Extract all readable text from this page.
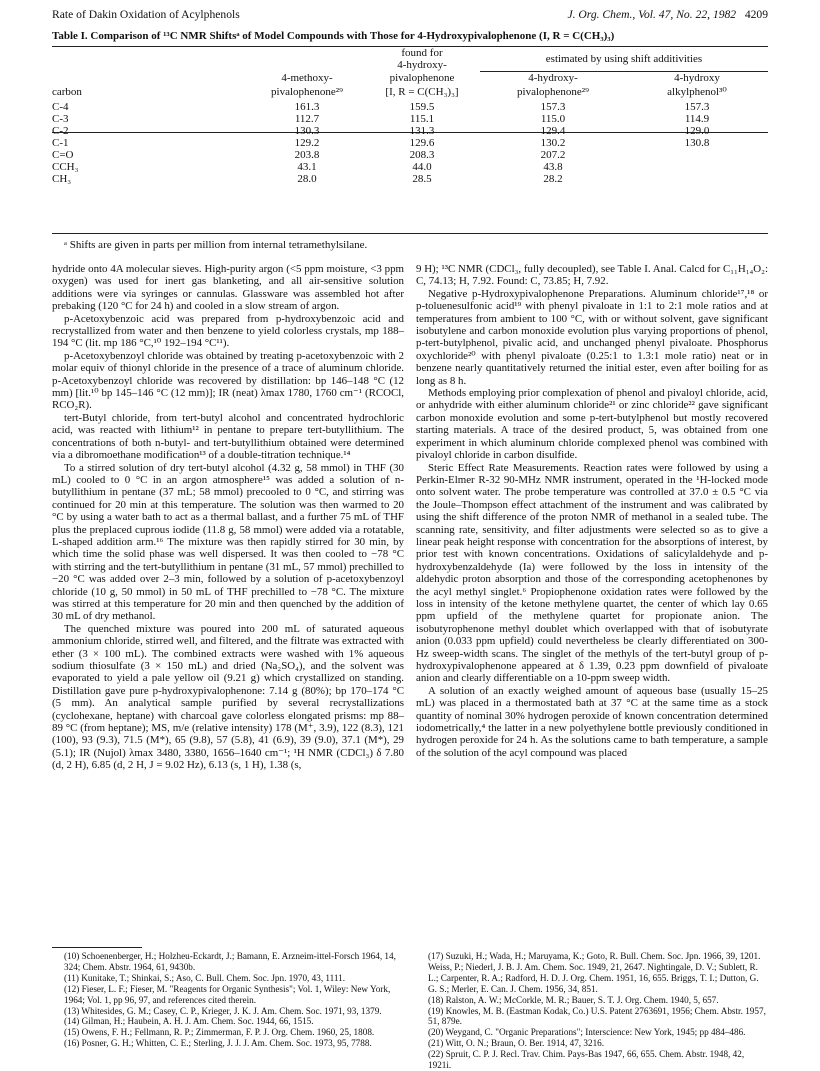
Rate of Dakin Oxidation of Acylphenols	J. Org. Chem., Vol. 47, No. 22, 1982 4209
Table I. Comparison of ¹³C NMR Shiftsᵃ of Model Compounds with Those for 4-Hydroxypivalophenone (I, R = C(CH₃)₃)
		found for	estimated by using shift additivities	
		4-hydroxy-		
	4-methoxy-	pivalophenone	4-hydroxy-	4-hydroxy
carbon	pivalophenone²⁹	[I, R = C(CH₃)₃]	pivalophenone²⁹	alkylphenol³⁰
C-4	161.3	159.5	157.3	157.3
C-3	112.7	115.1	115.0	114.9
C-2	130.3	131.3	129.4	129.0
C-1	129.2	129.6	130.2	130.8
C=O	203.8	208.3	207.2	
CCH₃	43.1	44.0	43.8	
CH₃	28.0	28.5	28.2	
ᵃ Shifts are given in parts per million from internal tetramethylsilane.

hydride onto 4A molecular sieves. High-purity argon (<5 ppm moisture, <3 ppm oxygen) was used for inert gas blanketing, and all air-sensitive solution additions were via syringes or cannulas. Glassware was assembled hot after prebaking (120 °C for 24 h) and cooled in a slow stream of argon.

p-Acetoxybenzoic acid was prepared from p-hydroxybenzoic acid and recrystallized from water and then benzene to yield colorless crystals, mp 188–194 °C (lit. mp 186 °C,¹⁰ 192–194 °C¹¹).

p-Acetoxybenzoyl chloride was obtained by treating p-acetoxybenzoic with 2 molar equiv of thionyl chloride in the presence of a trace of aluminum chloride. p-Acetoxybenzoyl chloride was recovered by distillation: bp 146–148 °C (12 mm) [lit.¹⁰ bp 145–146 °C (12 mm)]; IR (neat) λmax 1780, 1760 cm⁻¹ (RCOCl, RCO₂R).

tert-Butyl chloride, from tert-butyl alcohol and concentrated hydrochloric acid, was reacted with lithium¹² in pentane to prepare tert-butyllithium. The concentrations of both n-butyl- and tert-butyllithium obtained were determined via a dibromoethane modification¹³ of a double-titration technique.¹⁴

To a stirred solution of dry tert-butyl alcohol (4.32 g, 58 mmol) in THF (30 mL) cooled to 0 °C in an argon atmosphere¹⁵ was added a solution of n-butyllithium in pentane (37 mL; 58 mmol) precooled to 0 °C, and stirring was continued for 20 min at this temperature. The solution was then warmed to 20 °C by using a water bath to act as a thermal ballast, and a further 75 mL of THF plus the preplaced cuprous iodide (11.8 g, 58 mmol) were added via a rotatable, L-shaped addition arm.¹⁶ The mixture was then rapidly stirred for 30 min, by which time the solid phase was well dispersed. It was then cooled to −78 °C with stirring and the tert-butyllithium in pentane (31 mL, 57 mmol) prechilled to −20 °C was added over 2–3 min, followed by a solution of p-acetoxybenzoyl chloride (10 g, 50 mmol) in 50 mL of THF prechilled to −78 °C. The mixture was stirred at this temperature for 20 min and then quenched by the addition of 30 mL of dry methanol.

The quenched mixture was poured into 200 mL of saturated aqueous ammonium chloride, stirred well, and filtered, and the filtrate was extracted with ether (3 × 100 mL). The combined extracts were washed with 1% aqueous sodium thiosulfate (3 × 150 mL) and dried (Na₂SO₄), and the solvent was evaporated to yield a pale yellow oil (9.21 g) which crystallized on standing. Distillation gave pure p-hydroxypivalophenone: 7.14 g (80%); bp 170–174 °C (5 mm). An analytical sample purified by several recrystallizations (cyclohexane, heptane) with charcoal gave colorless elongated prisms: mp 88–89 °C (from heptane); MS, m/e (relative intensity) 178 (M⁺, 3.9), 122 (8.3), 121 (100), 93 (9.3), 71.5 (M*), 65 (9.8), 57 (5.8), 41 (6.9), 39 (9.0), 37.1 (M*), 29 (5.1); IR (Nujol) λmax 3480, 3380, 1656–1640 cm⁻¹; ¹H NMR (CDCl₃) δ 7.80 (d, 2 H), 6.85 (d, 2 H, J = 9.02 Hz), 6.13 (s, 1 H), 1.38 (s,

9 H); ¹³C NMR (CDCl₃, fully decoupled), see Table I. Anal. Calcd for C₁₁H₁₄O₂: C, 74.13; H, 7.92. Found: C, 73.85; H, 7.92.

Negative p-Hydroxypivalophenone Preparations. Aluminum chloride¹⁷,¹⁸ or p-toluenesulfonic acid¹⁹ with phenyl pivaloate in 1:1 to 2:1 mole ratios and at temperatures from ambient to 100 °C, with or without solvent, gave significant isobutylene and carbon monoxide evolution plus varying proportions of phenol, p-tert-butylphenol, pivalic acid, and unchanged phenyl pivaloate. Phosphorus oxychloride²⁰ with phenyl pivaloate (0.25:1 to 1.3:1 mole ratio) neat or in benzene nearly quantitatively returned the initial ester, even after boiling for as long as 8 h.

Methods employing prior complexation of phenol and pivaloyl chloride, acid, or anhydride with either aluminum chloride²¹ or zinc chloride²² gave significant carbon monoxide evolution and some p-tert-butylphenol but mostly recovered starting materials. A trace of the desired product, 5, was obtained from one experiment in which aluminum chloride complexed phenol was combined with pivaloyl chloride in carbon disulfide.

Steric Effect Rate Measurements. Reaction rates were followed by using a Perkin-Elmer R-32 90-MHz NMR instrument, operated in the ¹H-locked mode onto solvent water. The probe temperature was controlled at 37.0 ± 0.5 °C via the Joule–Thompson effect attachment of the instrument and was calibrated by using the shift difference of the proton NMR of methanol in a sealed tube. The scanning rate, sensitivity, and filter adjustments were selected so as to give a linear peak height response with concentration for the absorptions of interest, by prior test with known concentrations. Oxidations of salicylaldehyde and p-hydroxybenzaldehyde (Ia) were followed by the loss in intensity of the aldehydic proton absorption and those of the corresponding acetophenones by the acyl methyl singlet.⁶ Propiophenone oxidation rates were followed by the loss in intensity of the ketone methylene quartet, the center of which lay 0.65 ppm upfield of the methylene quartet for propionate anion. The isobutyrophenone methyl doublet which overlapped with that of isobutyrate anion (0.033 ppm upfield) could nevertheless be clearly differentiated on 300-Hz sweep-width scans. The singlet of the methyls of the tert-butyl group of p-hydroxypivalophenone appeared at δ 1.39, 0.23 ppm downfield of pivaloate anion and clearly differentiable on a 10-ppm sweep width.

A solution of an exactly weighed amount of aqueous base (usually 15–25 mL) was placed in a thermostated bath at 37 °C at the same time as a stock quantity of nominal 30% hydrogen peroxide of known concentration determined iodometrically,⁴ the latter in a new polyethylene bottle previously conditioned in hydrogen peroxide for 24 h. As the solutions came to bath temperature, a sample of the solution of the acyl compound was placed

(10) Schoenenberger, H.; Holzheu-Eckardt, J.; Bamann, E. Arzneim-ittel-Forsch 1964, 14, 324; Chem. Abstr. 1964, 61, 9430b.

(11) Kunitake, T.; Shinkai, S.; Aso, C. Bull. Chem. Soc. Jpn. 1970, 43, 1111.

(12) Fieser, L. F.; Fieser, M. "Reagents for Organic Synthesis"; Vol. 1, Wiley: New York, 1964; Vol. 1, pp 96, 97, and references cited therein.

(13) Whitesides, G. M.; Casey, C. P., Krieger, J. K. J. Am. Chem. Soc. 1971, 93, 1379.

(14) Gilman, H.; Haubein, A. H. J. Am. Chem. Soc. 1944, 66, 1515.

(15) Owens, F. H.; Fellmann, R. P.; Zimmerman, F. P. J. Org. Chem. 1960, 25, 1808.

(16) Posner, G. H.; Whitten, C. E.; Sterling, J. J. J. Am. Chem. Soc. 1973, 95, 7788.

(17) Suzuki, H.; Wada, H.; Maruyama, K.; Goto, R. Bull. Chem. Soc. Jpn. 1966, 39, 1201. Weiss, P.; Niederl, J. B. J. Am. Chem. Soc. 1949, 21, 2647. Nightingale, D. V.; Sublett, R. L.; Carpenter, R. A.; Radford, H. D. J. Org. Chem. 1951, 16, 655. Briggs, T. I.; Dutton, G. G. S.; Merler, E. Can. J. Chem. 1956, 34, 851.

(18) Ralston, A. W.; McCorkle, M. R.; Bauer, S. T. J. Org. Chem. 1940, 5, 657.

(19) Knowles, M. B. (Eastman Kodak, Co.) U.S. Patent 2763691, 1956; Chem. Abstr. 1957, 51, 879e.

(20) Weygand, C. "Organic Preparations"; Interscience: New York, 1945; pp 484–486.

(21) Witt, O. N.; Braun, O. Ber. 1914, 47, 3216.

(22) Spruit, C. P. J. Recl. Trav. Chim. Pays-Bas 1947, 66, 655. Chem. Abstr. 1948, 42, 1921i.
